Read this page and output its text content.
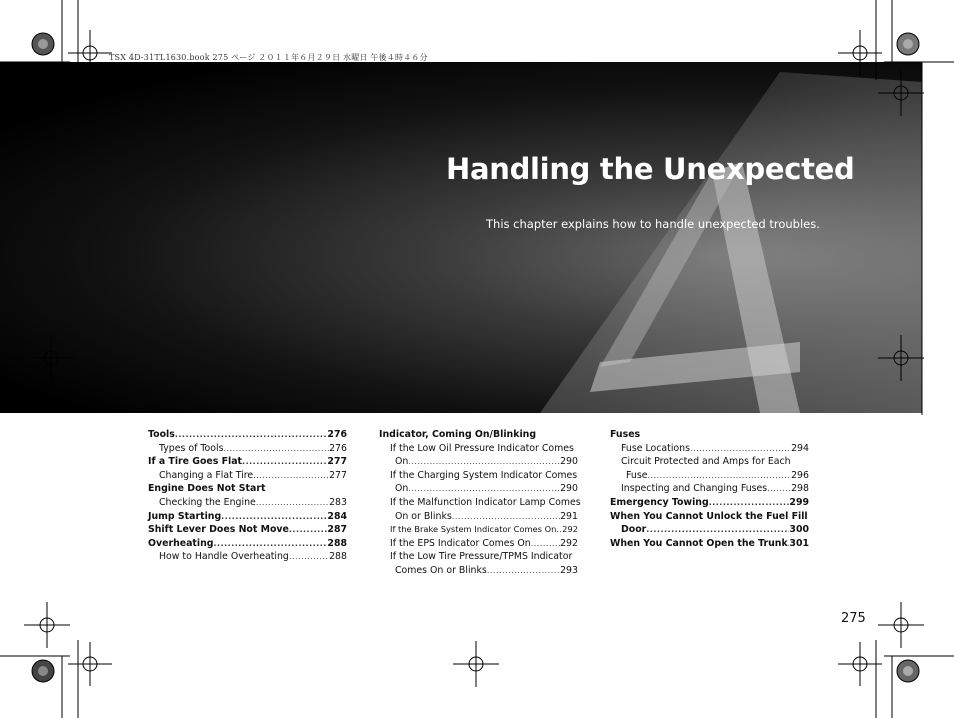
TSX 4D-31TL1630.book 275 ページ ２０１１年６月２９日 水曜日 午後４時４６分
Handling the Unexpected
This chapter explains how to handle unexpected troubles.
Tools .....	276
Types of Tools .....	276
If a Tire Goes Flat .....	277
Changing a Flat Tire .....	277
Engine Does Not Start
Checking the Engine .....	283
Jump Starting .....	284
Shift Lever Does Not Move .....	287
Overheating .....	288
How to Handle Overheating .....	288
Indicator, Coming On/Blinking
If the Low Oil Pressure Indicator Comes
On .....	290
If the Charging System Indicator Comes
On .....	290
If the Malfunction Indicator Lamp Comes
On or Blinks .....	291
If the Brake System Indicator Comes On ..... 292
If the EPS Indicator Comes On .....	292
If the Low Tire Pressure/TPMS Indicator
Comes On or Blinks .....	293
Fuses
Fuse Locations .....	294
Circuit Protected and Amps for Each
Fuse .....	296
Inspecting and Changing Fuses .....	298
Emergency Towing .....	299
When You Cannot Unlock the Fuel Fill
Door .....	300
When You Cannot Open the Trunk ..... 301
275
